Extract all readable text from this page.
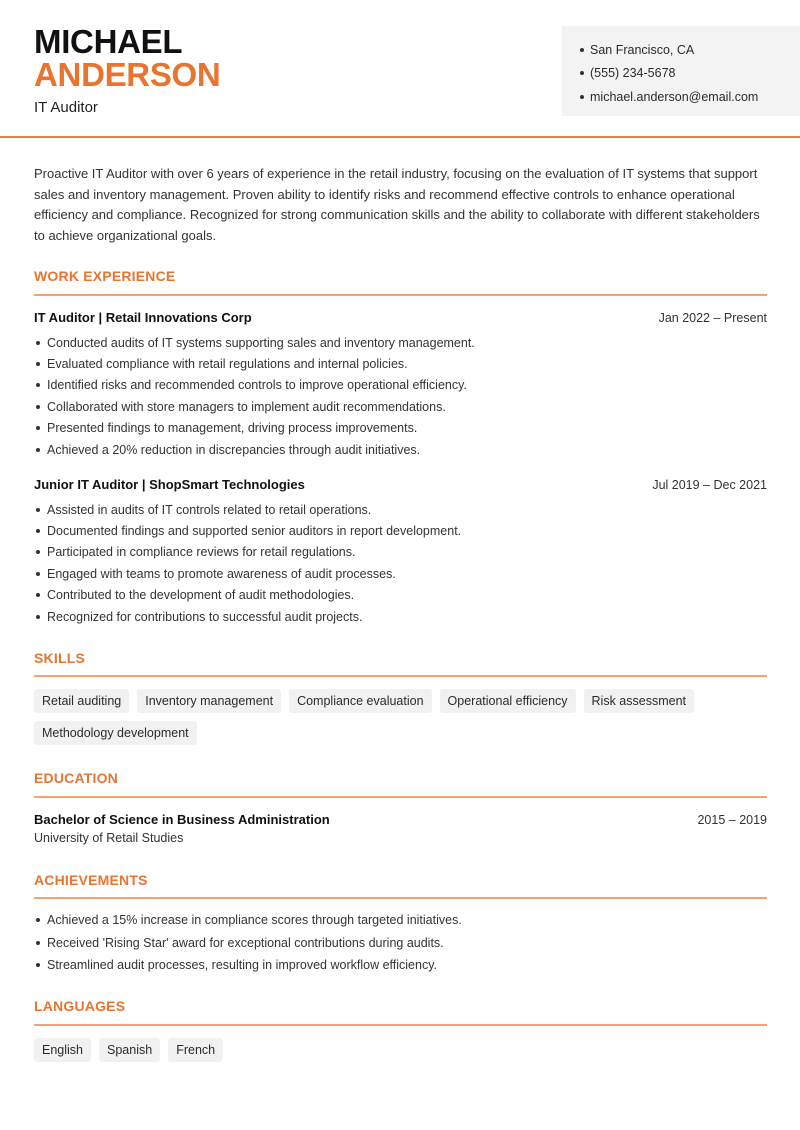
MICHAEL
ANDERSON
IT Auditor
San Francisco, CA
(555) 234-5678
michael.anderson@email.com

Proactive IT Auditor with over 6 years of experience in the retail industry, focusing on the evaluation of IT systems that support sales and inventory management. Proven ability to identify risks and recommend effective controls to enhance operational efficiency and compliance. Recognized for strong communication skills and the ability to collaborate with different stakeholders to achieve organizational goals.

WORK EXPERIENCE
IT Auditor | Retail Innovations Corp	Jan 2022 – Present
Conducted audits of IT systems supporting sales and inventory management.
Evaluated compliance with retail regulations and internal policies.
Identified risks and recommended controls to improve operational efficiency.
Collaborated with store managers to implement audit recommendations.
Presented findings to management, driving process improvements.
Achieved a 20% reduction in discrepancies through audit initiatives.
Junior IT Auditor | ShopSmart Technologies	Jul 2019 – Dec 2021
Assisted in audits of IT controls related to retail operations.
Documented findings and supported senior auditors in report development.
Participated in compliance reviews for retail regulations.
Engaged with teams to promote awareness of audit processes.
Contributed to the development of audit methodologies.
Recognized for contributions to successful audit projects.
SKILLS
Retail auditing	Inventory management	Compliance evaluation	Operational efficiency	Risk assessment
Methodology development
EDUCATION
Bachelor of Science in Business Administration	2015 – 2019
University of Retail Studies
ACHIEVEMENTS
Achieved a 15% increase in compliance scores through targeted initiatives.
Received 'Rising Star' award for exceptional contributions during audits.
Streamlined audit processes, resulting in improved workflow efficiency.
LANGUAGES
English	Spanish	French
